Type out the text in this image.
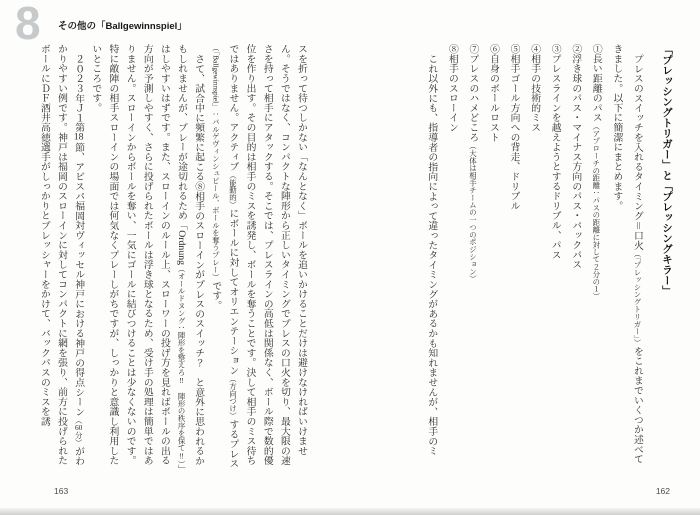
8 その他の「Ballgewinnspiel」
「プレッシングトリガー」と「プレッシングキラー」

プレスのスイッチを入れるタイミング＝口火（「プレッシングトリガー」）をこれまでいくつか述べてきました。以下に簡潔にまとめます。

①長い距離のパス（アプローチの距離：パスの距離に対して２分の１）

②浮き球のパス・マイナス方向のパス・バックパス

③プレスラインを越えようとするドリブル、パス

④相手の技術的ミス

⑤相手ゴール方向への背走、ドリブル

⑥自身のボールロスト

⑦プレスのハメどころ（大体は相手チームの一つのポジション）

⑧相手のスローイン

これ以外にも、指導者の指向によって違ったタイミングがあるかも知れませんが、相手のミ

スを折って待つしかない「なんとなく」ボールを追いかけることだけは避けなければいけません。そうではなく、コンパクトな陣形から正しいタイミングでプレスの口火を切り、最大限の速さを持って相手にアタックする。そこでは、プレスラインの高低は関係なく、ボール際で数的優位を作り出す。その目的は相手のミスを誘発し、ボールを奪うことです。決して相手のミス待ちではありません。アクティブ（能動的）にボールに対してオリエンテーション（方向づけ）するプレス（「Ballgewinnspiel」：バルゲヴィンシュピール、ボールを奪うプレー）です。

さて、試合中に頻繁に起こる⑧相手のスローインがプレスのスイッチ？　と意外に思われるかもしれませんが、プレーが途切れるため「Ordnung（オールドヌング：陣形を整えろ‼　陣形の秩序を保て‼）」はしやすいはずです。また、スローインのルール上、スローワーの投げ方を見ればボールの出る方向が予測しやすく、さらに投げられたボールは浮き球となるため、受け手の処理は簡単ではありません。スローインからボールを奪い、一気にゴールに結びつけることは少なくないのです。特に敵陣の相手スローインの場面では何気なくプレーしがちですが、しっかりと意識し利用したいところです。

２０２３年Ｊ１第18節、アビスパ福岡対ヴィッセル神戸における神戸の得点シーン（60分）がわかりやすい例です。神戸は福岡のスローインに対してコンパクトに網を張り、前方に投げられたボールにＤＦ酒井高徳選手がしっかりとプレッシャーをかけて、バックパスのミスを誘

163	162
